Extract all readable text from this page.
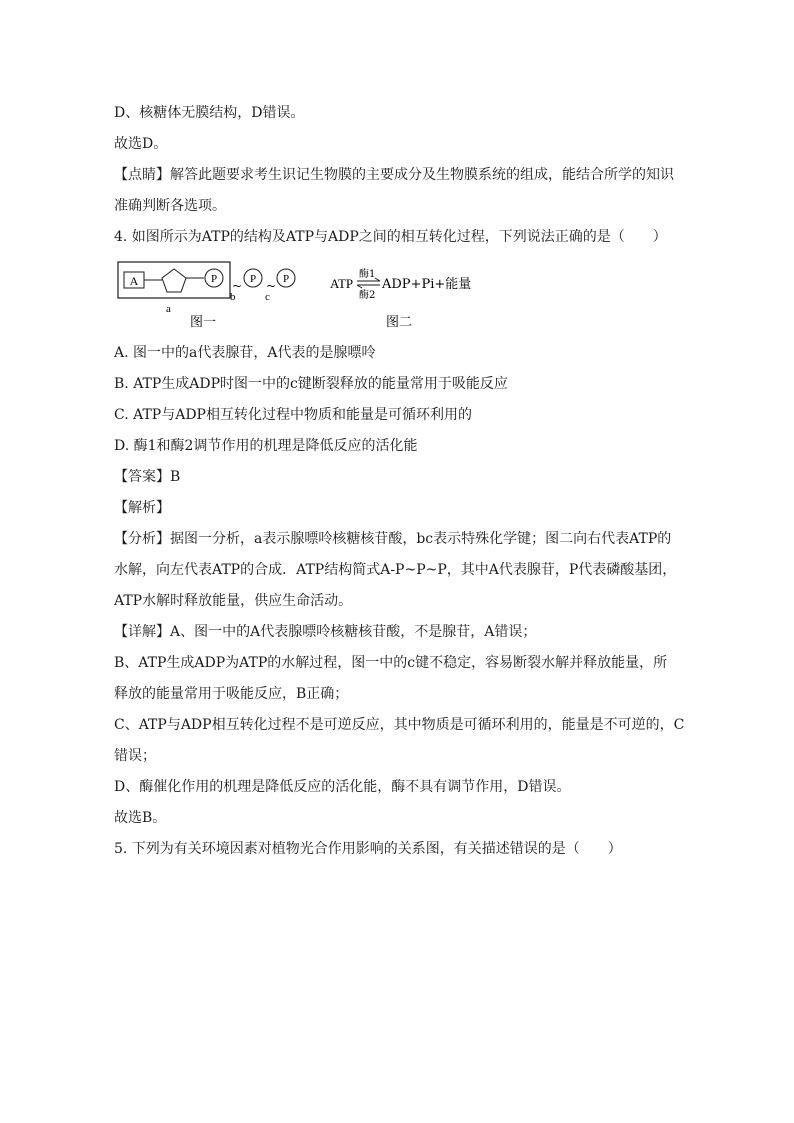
D、核糖体无膜结构，D错误。
故选D。
【点睛】解答此题要求考生识记生物膜的主要成分及生物膜系统的组成，能结合所学的知识
准确判断各选项。
4. 如图所示为ATP的结构及ATP与ADP之间的相互转化过程，下列说法正确的是（　　）
A	P ~
b
P ~
c
P
a
图一
ATP
酶1
酶2
ADP+Pi+能量
图二
A. 图一中的a代表腺苷，A代表的是腺嘌呤
B. ATP生成ADP时图一中的c键断裂释放的能量常用于吸能反应
C. ATP与ADP相互转化过程中物质和能量是可循环利用的
D. 酶1和酶2调节作用的机理是降低反应的活化能
【答案】B
【解析】
【分析】据图一分析，a表示腺嘌呤核糖核苷酸，bc表示特殊化学键；图二向右代表ATP的
水解，向左代表ATP的合成．ATP结构简式A-P~P~P，其中A代表腺苷，P代表磷酸基团，
ATP水解时释放能量，供应生命活动。
【详解】A、图一中的A代表腺嘌呤核糖核苷酸，不是腺苷，A错误；
B、ATP生成ADP为ATP的水解过程，图一中的c键不稳定，容易断裂水解并释放能量，所
释放的能量常用于吸能反应，B正确；
C、ATP与ADP相互转化过程不是可逆反应，其中物质是可循环利用的，能量是不可逆的，C
错误；
D、酶催化作用的机理是降低反应的活化能，酶不具有调节作用，D错误。
故选B。
5. 下列为有关环境因素对植物光合作用影响的关系图，有关描述错误的是（　　）
